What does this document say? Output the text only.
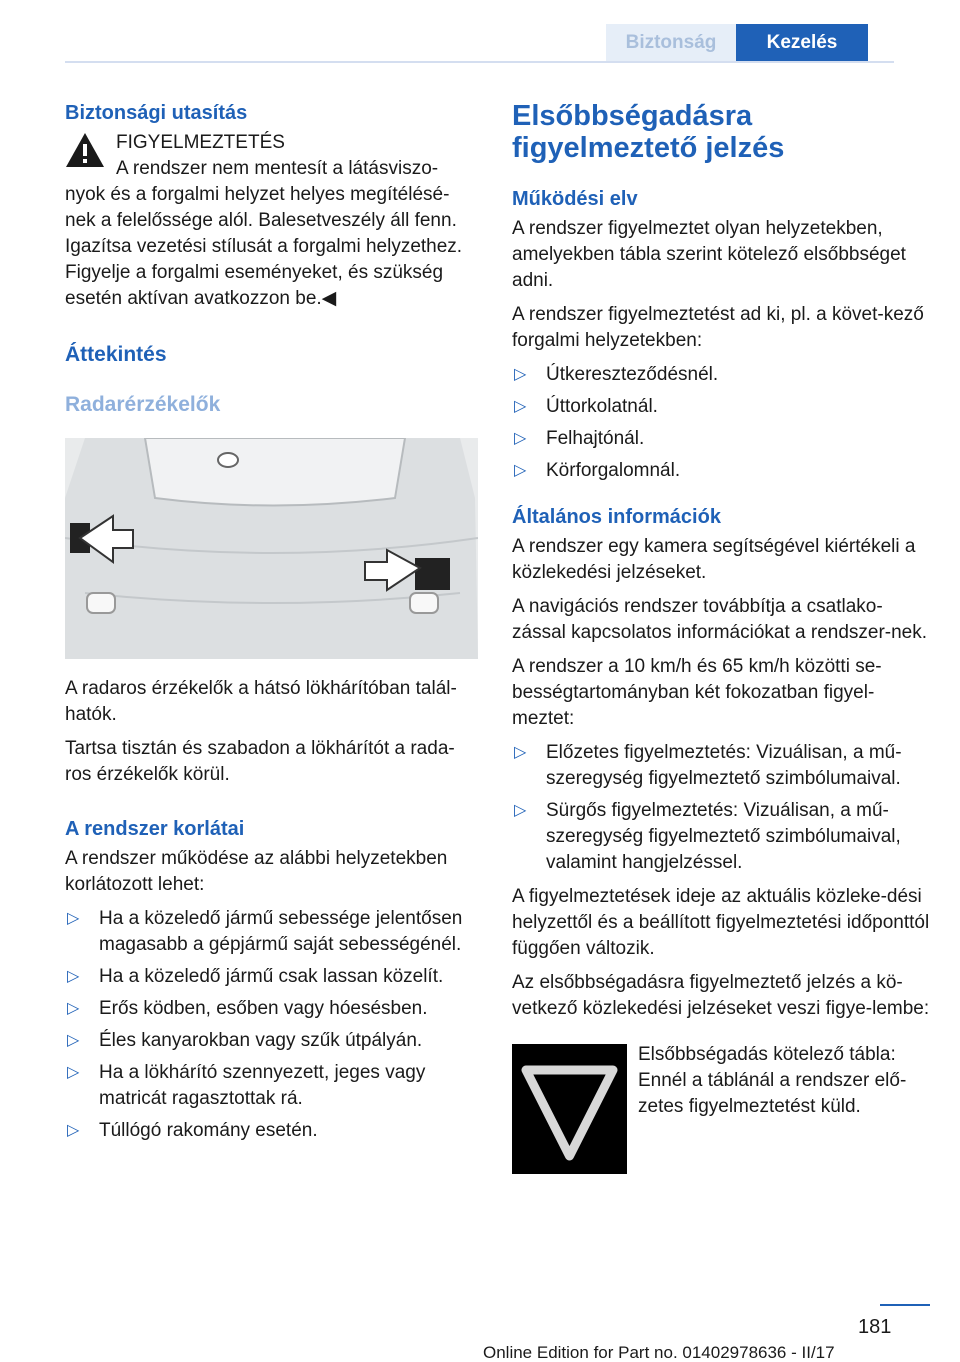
Biztonság	Kezelés
Biztonsági utasítás

FIGYELMEZTETÉS

A rendszer nem mentesít a látásviszo‐

nyok és a forgalmi helyzet helyes megítélésé‐nek a felelőssége alól. Balesetveszély áll fenn. Igazítsa vezetési stílusát a forgalmi helyzethez. Figyelje a forgalmi eseményeket, és szükség esetén aktívan avatkozzon be.◀

Áttekintés
Radarérzékelők

A radaros érzékelők a hátsó lökhárítóban talál‐hatók.

Tartsa tisztán és szabadon a lökhárítót a rada‐ros érzékelők körül.

A rendszer korlátai

A rendszer működése az alábbi helyzetekben korlátozott lehet:

▷ Ha a közeledő jármű sebessége jelentősen magasabb a gépjármű saját sebességénél.
▷ Ha a közeledő jármű csak lassan közelít.
▷ Erős ködben, esőben vagy hóesésben.
▷ Éles kanyarokban vagy szűk útpályán.
▷ Ha a lökhárító szennyezett, jeges vagy matricát ragasztottak rá.
▷ Túllógó rakomány esetén.
Elsőbbségadásra
figyelmeztető jelzés
Működési elv

A rendszer figyelmeztet olyan helyzetekben, amelyekben tábla szerint kötelező elsőbbséget adni.

A rendszer figyelmeztetést ad ki, pl. a követ‐kező forgalmi helyzetekben:

▷ Útkereszteződésnél.
▷ Úttorkolatnál.
▷ Felhajtónál.
▷ Körforgalomnál.
Általános információk

A rendszer egy kamera segítségével kiértékeli a közlekedési jelzéseket.

A navigációs rendszer továbbítja a csatlako‐zással kapcsolatos információkat a rendszer‐nek.

A rendszer a 10 km/h és 65 km/h közötti se‐bességtartományban két fokozatban figyel‐meztet:

▷ Előzetes figyelmeztetés: Vizuálisan, a mű‐szeregység figyelmeztető szimbólumaival.
▷ Sürgős figyelmeztetés: Vizuálisan, a mű‐szeregység figyelmeztető szimbólumaival, valamint hangjelzéssel.

A figyelmeztetések ideje az aktuális közleke‐dési helyzettől és a beállított figyelmeztetési időponttól függően változik.

Az elsőbbségadásra figyelmeztető jelzés a kö‐vetkező közlekedési jelzéseket veszi figye‐lembe:

Elsőbbségadás kötelező tábla: Ennél a táblánál a rendszer elő‐zetes figyelmeztetést küld.

181
Online Edition for Part no. 01402978636 - II/17
